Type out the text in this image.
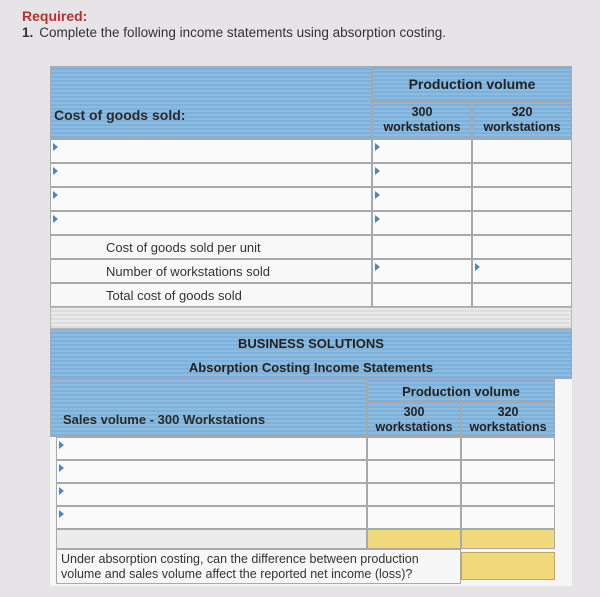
Required:
1. Complete the following income statements using absorption costing.
Cost of goods sold:
Production volume
300
workstations
320
workstations
Cost of goods sold per unit
Number of workstations sold
Total cost of goods sold
BUSINESS SOLUTIONS
Absorption Costing Income Statements
Sales volume - 300 Workstations
Production volume
300
workstations
320
workstations
Under absorption costing, can the difference between production
volume and sales volume affect the reported net income (loss)?
